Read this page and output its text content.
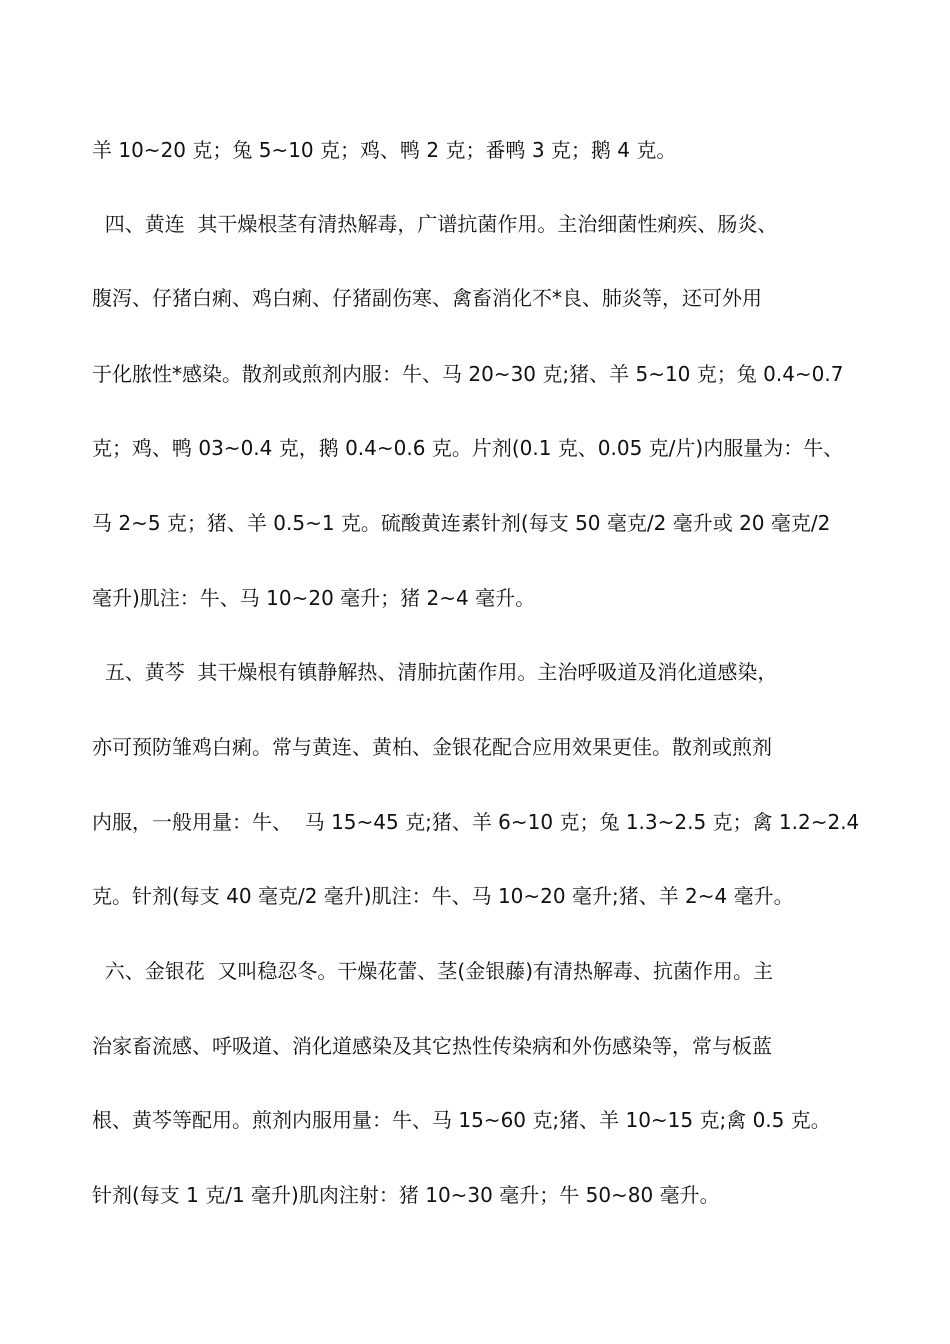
羊 10~20 克；兔 5~10 克；鸡、鸭 2 克；番鸭 3 克；鹅 4 克。
四、黄连  其干燥根茎有清热解毒，广谱抗菌作用。主治细菌性痢疾、肠炎、
腹泻、仔猪白痢、鸡白痢、仔猪副伤寒、禽畜消化不*良、肺炎等，还可外用
于化脓性*感染。散剂或煎剂内服：牛、马 20~30 克;猪、羊 5~10 克；兔 0.4~0.7
克；鸡、鸭 03~0.4 克，鹅 0.4~0.6 克。片剂(0.1 克、0.05 克/片)内服量为：牛、
马 2~5 克；猪、羊 0.5~1 克。硫酸黄连素针剂(每支 50 毫克/2 毫升或 20 毫克/2
毫升)肌注：牛、马 10~20 毫升；猪 2~4 毫升。
五、黄芩  其干燥根有镇静解热、清肺抗菌作用。主治呼吸道及消化道感染，
亦可预防雏鸡白痢。常与黄连、黄柏、金银花配合应用效果更佳。散剂或煎剂
内服，一般用量：牛、  马 15~45 克;猪、羊 6~10 克；兔 1.3~2.5 克；禽 1.2~2.4
克。针剂(每支 40 毫克/2 毫升)肌注：牛、马 10~20 毫升;猪、羊 2~4 毫升。
六、金银花  又叫稳忍冬。干燥花蕾、茎(金银藤)有清热解毒、抗菌作用。主
治家畜流感、呼吸道、消化道感染及其它热性传染病和外伤感染等，常与板蓝
根、黄芩等配用。煎剂内服用量：牛、马 15~60 克;猪、羊 10~15 克;禽 0.5 克。
针剂(每支 1 克/1 毫升)肌肉注射：猪 10~30 毫升；牛 50~80 毫升。
